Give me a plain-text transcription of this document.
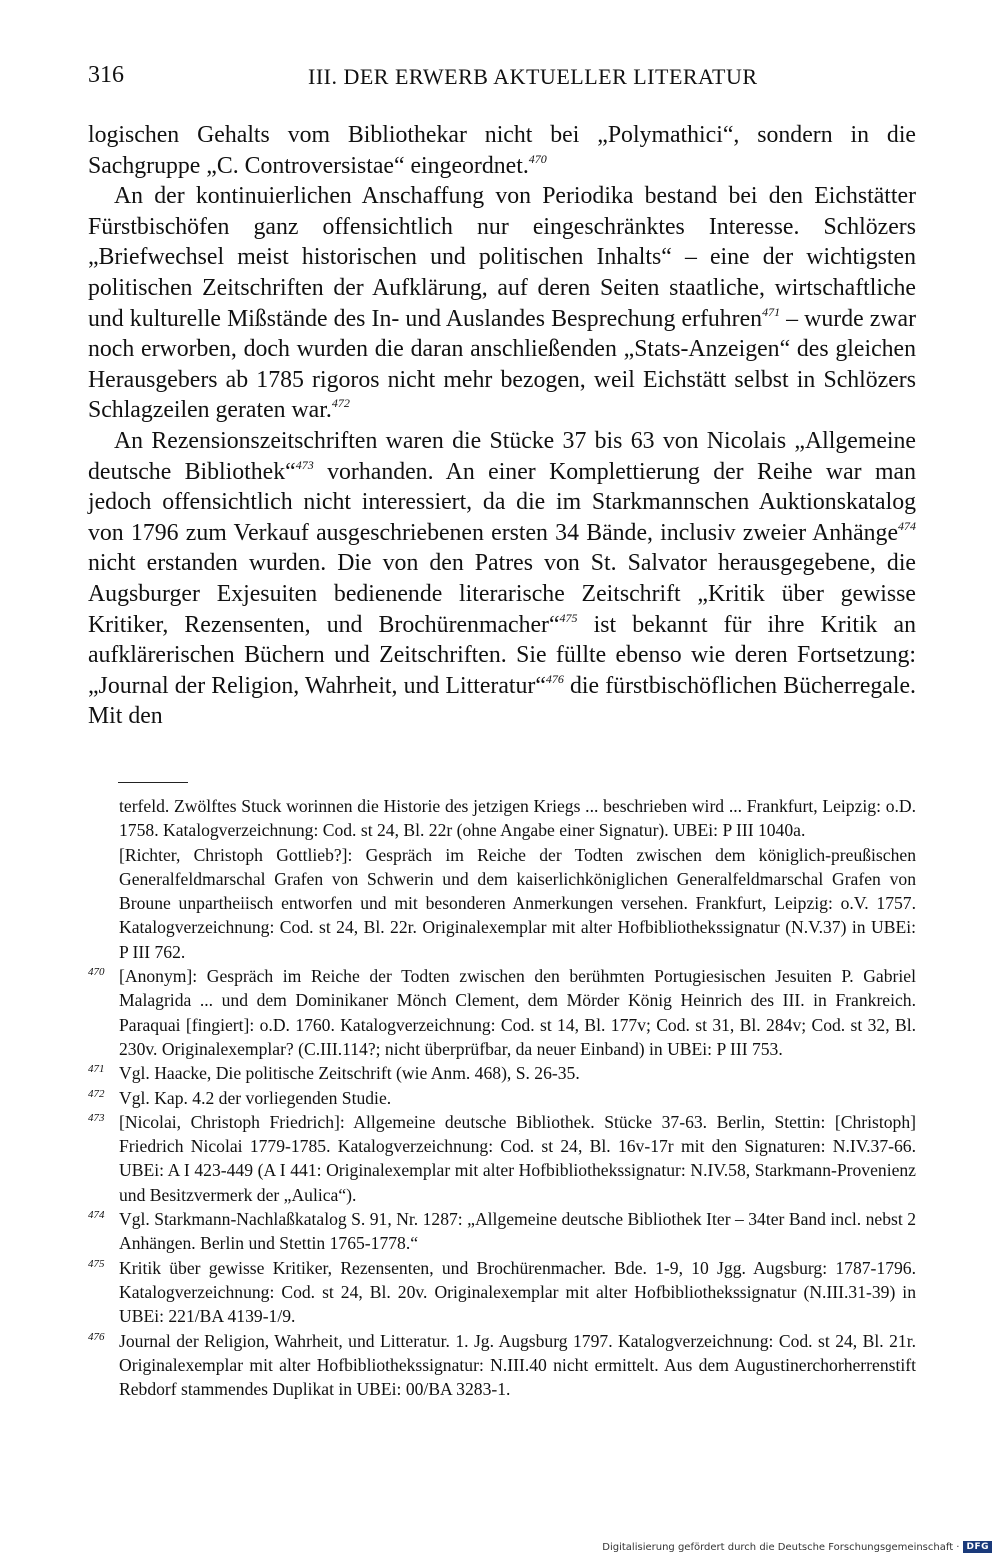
316	III. DER ERWERB AKTUELLER LITERATUR

logischen Gehalts vom Bibliothekar nicht bei „Polymathici“, sondern in die Sachgruppe „C. Controversistae“ eingeordnet.$^{470}$

An der kontinuierlichen Anschaffung von Periodika bestand bei den Eichstätter Fürstbischöfen ganz offensichtlich nur eingeschränktes Interesse. Schlözers „Briefwechsel meist historischen und politischen Inhalts“ – eine der wichtigsten politischen Zeitschriften der Aufklärung, auf deren Seiten staatliche, wirtschaftliche und kulturelle Mißstände des In- und Auslandes Besprechung erfuhren$^{471}$ – wurde zwar noch erworben, doch wurden die daran anschließenden „Stats-Anzeigen“ des gleichen Herausgebers ab 1785 rigoros nicht mehr bezogen, weil Eichstätt selbst in Schlözers Schlagzeilen geraten war.$^{472}$

An Rezensionszeitschriften waren die Stücke 37 bis 63 von Nicolais „Allgemeine deutsche Bibliothek“$^{473}$ vorhanden. An einer Komplettierung der Reihe war man jedoch offensichtlich nicht interessiert, da die im Starkmannschen Auktionskatalog von 1796 zum Verkauf ausgeschriebenen ersten 34 Bände, inclusiv zweier Anhänge$^{474}$ nicht erstanden wurden. Die von den Patres von St. Salvator herausgegebene, die Augsburger Exjesuiten bedienende literarische Zeitschrift „Kritik über gewisse Kritiker, Rezensenten, und Brochürenmacher“$^{475}$ ist bekannt für ihre Kritik an aufklärerischen Büchern und Zeitschriften. Sie füllte ebenso wie deren Fortsetzung: „Journal der Religion, Wahrheit, und Litteratur“$^{476}$ die fürstbischöflichen Bücherregale. Mit den

terfeld. Zwölftes Stuck worinnen die Historie des jetzigen Kriegs ... beschrieben wird ... Frankfurt, Leipzig: o.D. 1758. Katalogverzeichnung: Cod. st 24, Bl. 22r (ohne Angabe einer Signatur). UBEi: P III 1040a.

[Richter, Christoph Gottlieb?]: Gespräch im Reiche der Todten zwischen dem königlich-preußischen Generalfeldmarschal Grafen von Schwerin und dem kaiserlichköniglichen Generalfeldmarschal Grafen von Broune unpartheiisch entworfen und mit besonderen Anmerkungen versehen. Frankfurt, Leipzig: o.V. 1757. Katalogverzeichnung: Cod. st 24, Bl. 22r. Originalexemplar mit alter Hofbibliothekssignatur (N.V.37) in UBEi: P III 762.

470 [Anonym]: Gespräch im Reiche der Todten zwischen den berühmten Portugiesischen Jesuiten P. Gabriel Malagrida ... und dem Dominikaner Mönch Clement, dem Mörder König Heinrich des III. in Frankreich. Paraquai [fingiert]: o.D. 1760. Katalogverzeichnung: Cod. st 14, Bl. 177v; Cod. st 31, Bl. 284v; Cod. st 32, Bl. 230v. Originalexemplar? (C.III.114?; nicht überprüfbar, da neuer Einband) in UBEi: P III 753.

471 Vgl. Haacke, Die politische Zeitschrift (wie Anm. 468), S. 26-35.

472 Vgl. Kap. 4.2 der vorliegenden Studie.

473 [Nicolai, Christoph Friedrich]: Allgemeine deutsche Bibliothek. Stücke 37-63. Berlin, Stettin: [Christoph] Friedrich Nicolai 1779-1785. Katalogverzeichnung: Cod. st 24, Bl. 16v-17r mit den Signaturen: N.IV.37-66. UBEi: A I 423-449 (A I 441: Originalexemplar mit alter Hofbibliothekssignatur: N.IV.58, Starkmann-Provenienz und Besitzvermerk der „Aulica“).

474 Vgl. Starkmann-Nachlaßkatalog S. 91, Nr. 1287: „Allgemeine deutsche Bibliothek Iter – 34ter Band incl. nebst 2 Anhängen. Berlin und Stettin 1765-1778.“

475 Kritik über gewisse Kritiker, Rezensenten, und Brochürenmacher. Bde. 1-9, 10 Jgg. Augsburg: 1787-1796. Katalogverzeichnung: Cod. st 24, Bl. 20v. Originalexemplar mit alter Hofbibliothekssignatur (N.III.31-39) in UBEi: 221/BA 4139-1/9.

476 Journal der Religion, Wahrheit, und Litteratur. 1. Jg. Augsburg 1797. Katalogverzeichnung: Cod. st 24, Bl. 21r. Originalexemplar mit alter Hofbibliothekssignatur: N.III.40 nicht ermittelt. Aus dem Augustinerchorherrenstift Rebdorf stammendes Duplikat in UBEi: 00/BA 3283-1.

Digitalisierung gefördert durch die Deutsche Forschungsgemeinschaft · DFG
